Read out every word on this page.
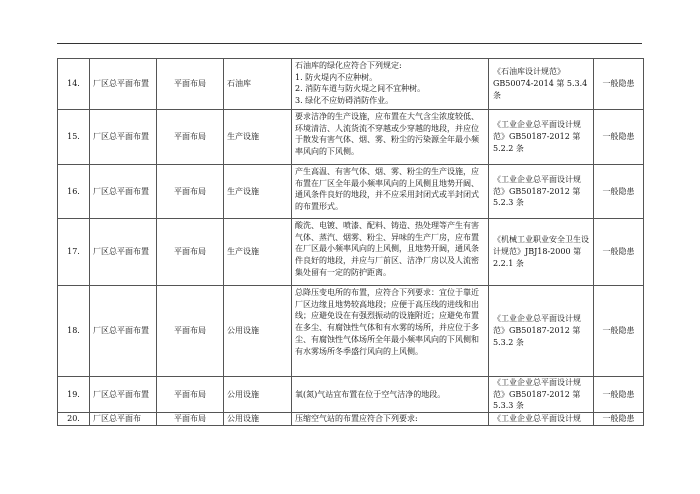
14.	厂区总平面布置	平面布局	石油库	石油库的绿化应符合下列规定:
1. 防火堤内不应种树。
2. 消防车道与防火堤之间不宜种树。
3. 绿化不应妨碍消防作业。	《石油库设计规范》GB50074-2014 第 5.3.4 条	一般隐患
15.	厂区总平面布置	平面布局	生产设施	要求洁净的生产设施，应布置在大气含尘浓度较低、环境清洁、人流货流不穿越或少穿越的地段，并应位于散发有害气体、烟、雾、粉尘的污染源全年最小频率风向的下风侧。	《工业企业总平面设计规范》GB50187-2012 第 5.2.2 条	一般隐患
16.	厂区总平面布置	平面布局	生产设施	产生高温、有害气体、烟、雾、粉尘的生产设施，应布置在厂区全年最小频率风向的上风侧且地势开阔、通风条件良好的地段，并不应采用封闭式或半封闭式的布置形式。	《工业企业总平面设计规范》GB50187-2012 第 5.2.3 条	一般隐患
17.	厂区总平面布置	平面布局	生产设施	酸洗、电镀、喷漆、配料、铸造、热处理等产生有害气体、蒸汽、烟雾、粉尘、异味的生产厂房，应布置在厂区最小频率风向的上风侧，且地势开阔，通风条件良好的地段，并应与厂前区、洁净厂房以及人流密集处留有一定的防护距离。	《机械工业职业安全卫生设计规范》JBJ18-2000 第 2.2.1 条	一般隐患
18.	厂区总平面布置	平面布局	公用设施	总降压变电所的布置，应符合下列要求：宜位于靠近厂区边缘且地势较高地段；应便于高压线的进线和出线；应避免设在有强烈振动的设施附近；应避免布置在多尘、有腐蚀性气体和有水雾的场所，并应位于多尘、有腐蚀性气体场所全年最小频率风向的下风侧和有水雾场所冬季盛行风向的上风侧。	《工业企业总平面设计规范》GB50187-2012 第 5.3.2 条	一般隐患
19.	厂区总平面布置	平面布局	公用设施	氧(氮)气站宜布置在位于空气洁净的地段。	《工业企业总平面设计规范》GB50187-2012 第 5.3.3 条	一般隐患
20.	厂区总平面布	平面布局	公用设施	压缩空气站的布置应符合下列要求:	《工业企业总平面设计规	一般隐患
